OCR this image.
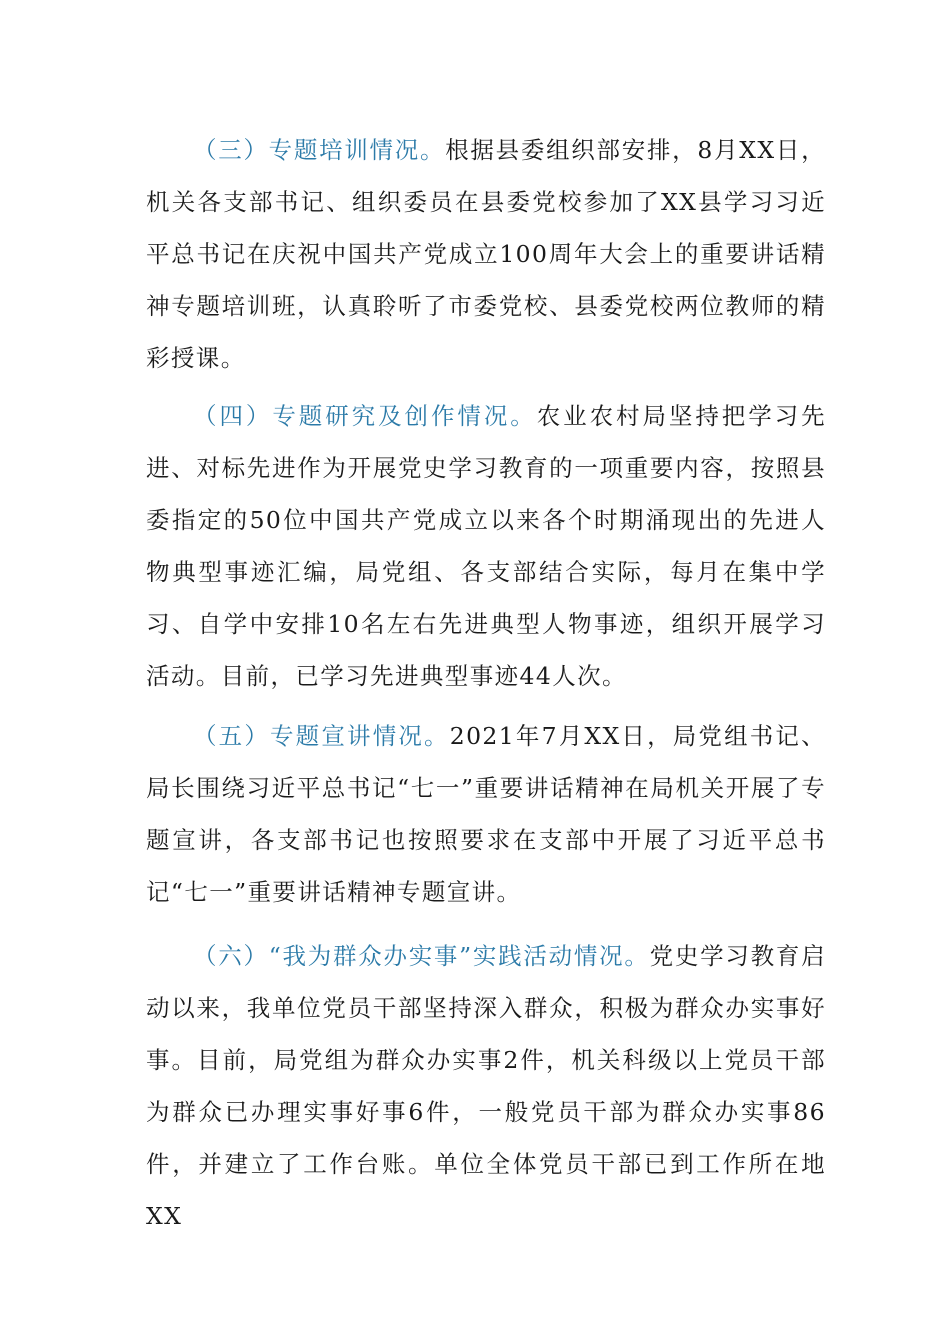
（三）专题培训情况。根据县委组织部安排，8月XX日，机关各支部书记、组织委员在县委党校参加了XX县学习习近平总书记在庆祝中国共产党成立100周年大会上的重要讲话精神专题培训班，认真聆听了市委党校、县委党校两位教师的精彩授课。

（四）专题研究及创作情况。农业农村局坚持把学习先进、对标先进作为开展党史学习教育的一项重要内容，按照县委指定的50位中国共产党成立以来各个时期涌现出的先进人物典型事迹汇编，局党组、各支部结合实际，每月在集中学习、自学中安排10名左右先进典型人物事迹，组织开展学习活动。目前，已学习先进典型事迹44人次。

（五）专题宣讲情况。2021年7月XX日，局党组书记、局长围绕习近平总书记“七一”重要讲话精神在局机关开展了专题宣讲，各支部书记也按照要求在支部中开展了习近平总书记“七一”重要讲话精神专题宣讲。

（六）“我为群众办实事”实践活动情况。党史学习教育启动以来，我单位党员干部坚持深入群众，积极为群众办实事好事。目前，局党组为群众办实事2件，机关科级以上党员干部为群众已办理实事好事6件，一般党员干部为群众办实事86件，并建立了工作台账。单位全体党员干部已到工作所在地XX
